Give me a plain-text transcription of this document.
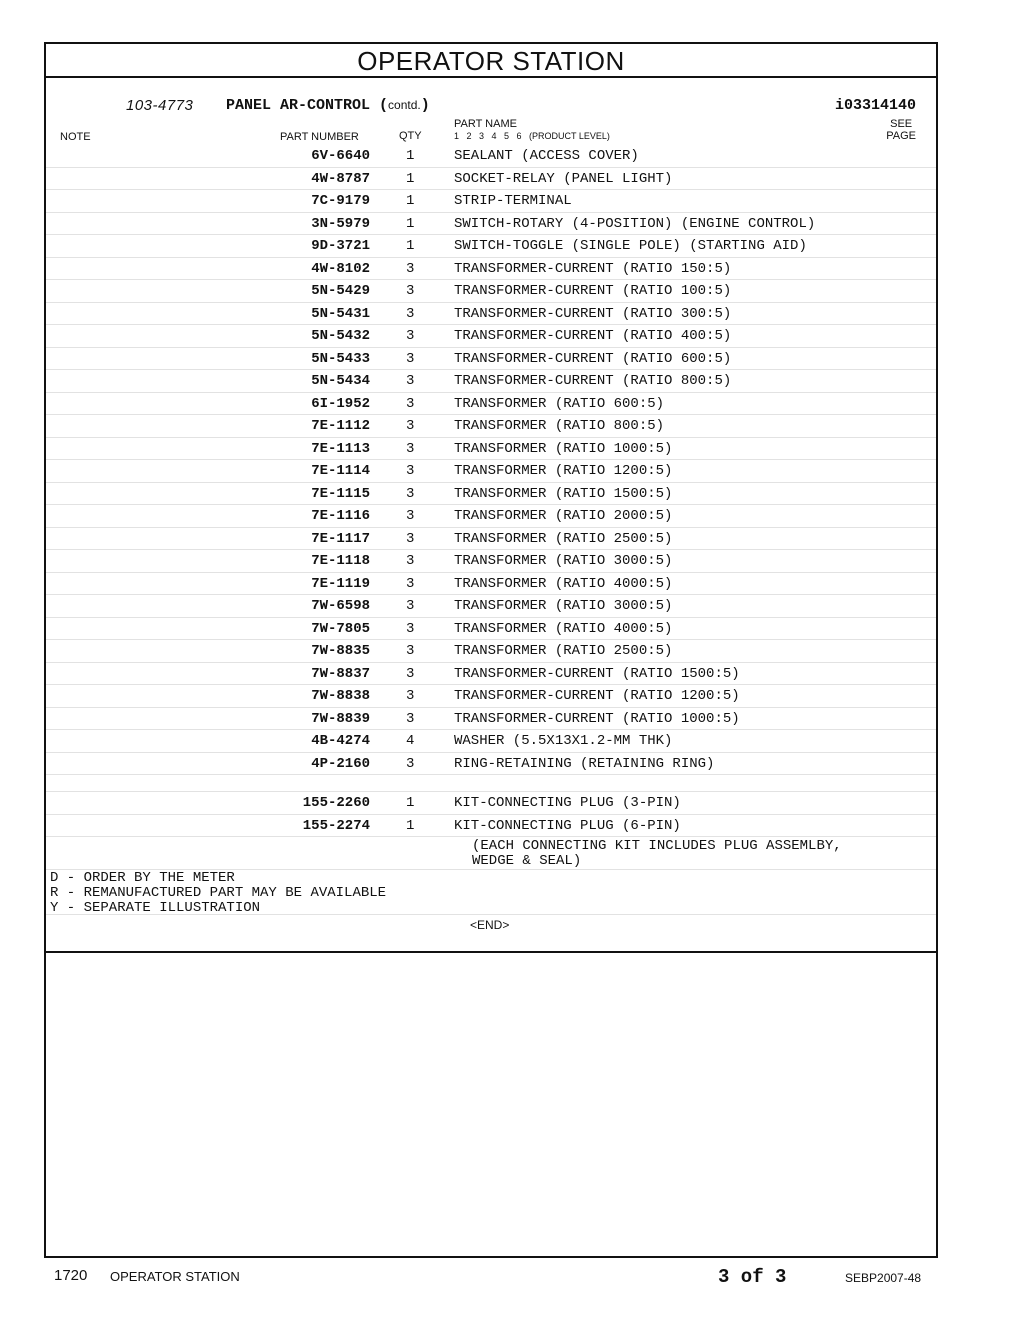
OPERATOR STATION
103-4773 PANEL AR-CONTROL (contd.)	i03314140
NOTE	PART NUMBER	QTY
PART NAME
1   2   3   4   5   6   (PRODUCT LEVEL)
SEE
PAGE
6V-6640	1	SEALANT (ACCESS COVER)
4W-8787	1	SOCKET-RELAY (PANEL LIGHT)
7C-9179	1	STRIP-TERMINAL
3N-5979	1	SWITCH-ROTARY (4-POSITION) (ENGINE CONTROL)
9D-3721	1	SWITCH-TOGGLE (SINGLE POLE) (STARTING AID)
4W-8102	3	TRANSFORMER-CURRENT (RATIO 150:5)
5N-5429	3	TRANSFORMER-CURRENT (RATIO 100:5)
5N-5431	3	TRANSFORMER-CURRENT (RATIO 300:5)
5N-5432	3	TRANSFORMER-CURRENT (RATIO 400:5)
5N-5433	3	TRANSFORMER-CURRENT (RATIO 600:5)
5N-5434	3	TRANSFORMER-CURRENT (RATIO 800:5)
6I-1952	3	TRANSFORMER (RATIO 600:5)
7E-1112	3	TRANSFORMER (RATIO 800:5)
7E-1113	3	TRANSFORMER (RATIO 1000:5)
7E-1114	3	TRANSFORMER (RATIO 1200:5)
7E-1115	3	TRANSFORMER (RATIO 1500:5)
7E-1116	3	TRANSFORMER (RATIO 2000:5)
7E-1117	3	TRANSFORMER (RATIO 2500:5)
7E-1118	3	TRANSFORMER (RATIO 3000:5)
7E-1119	3	TRANSFORMER (RATIO 4000:5)
7W-6598	3	TRANSFORMER (RATIO 3000:5)
7W-7805	3	TRANSFORMER (RATIO 4000:5)
7W-8835	3	TRANSFORMER (RATIO 2500:5)
7W-8837	3	TRANSFORMER-CURRENT (RATIO 1500:5)
7W-8838	3	TRANSFORMER-CURRENT (RATIO 1200:5)
7W-8839	3	TRANSFORMER-CURRENT (RATIO 1000:5)
4B-4274	4	WASHER (5.5X13X1.2-MM THK)
4P-2160	3	RING-RETAINING (RETAINING RING)
155-2260	1	KIT-CONNECTING PLUG (3-PIN)
155-2274	1	KIT-CONNECTING PLUG (6-PIN)
(EACH CONNECTING KIT INCLUDES PLUG ASSEMLBY,
WEDGE & SEAL)
D - ORDER BY THE METER
R - REMANUFACTURED PART MAY BE AVAILABLE
Y - SEPARATE ILLUSTRATION
<END>
1720 OPERATOR STATION	3 of 3	SEBP2007-48
